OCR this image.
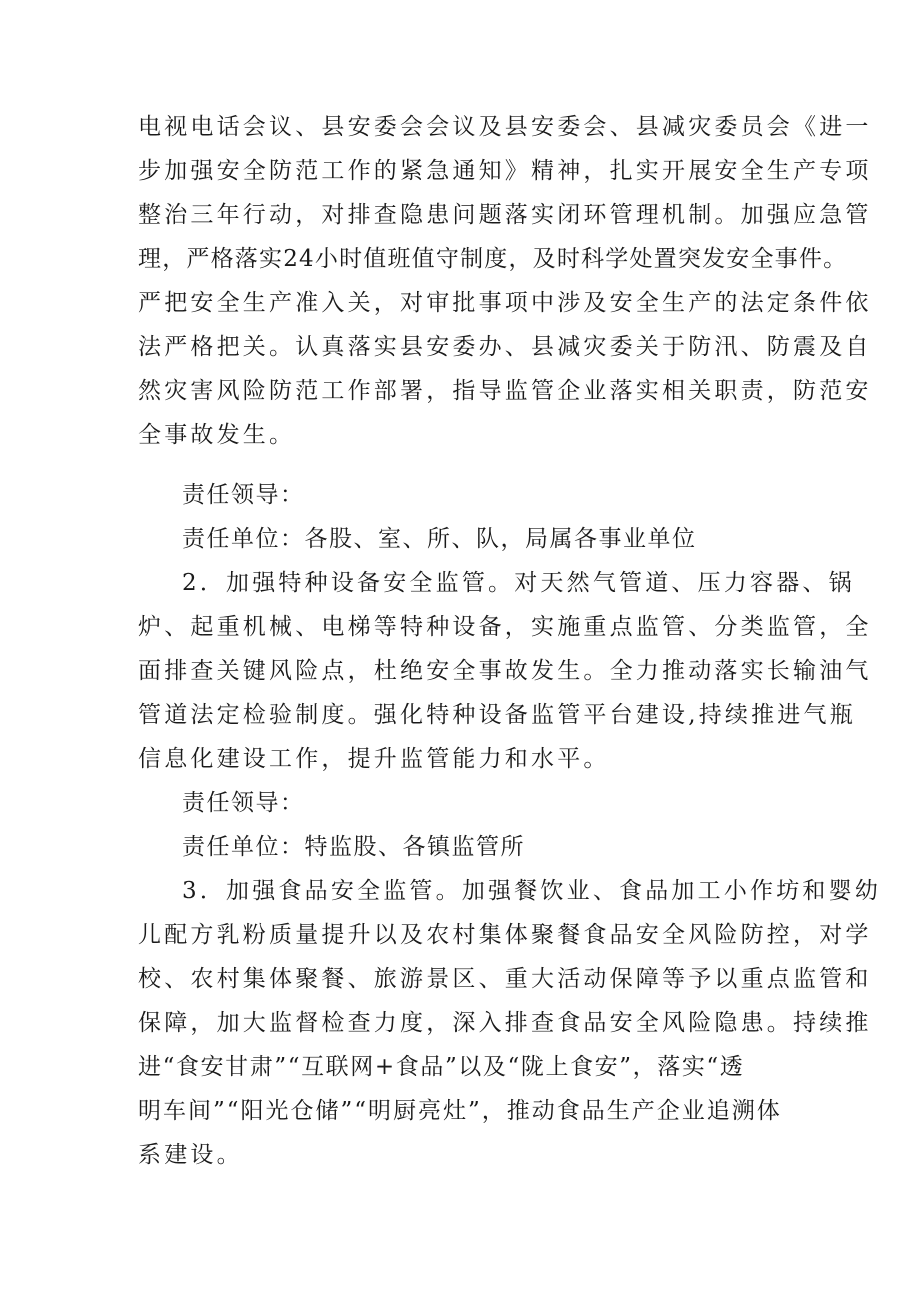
电视电话会议、县安委会会议及县安委会、县减灾委员会《进一
步加强安全防范工作的紧急通知》精神，扎实开展安全生产专项
整治三年行动，对排查隐患问题落实闭环管理机制。加强应急管
理，严格落实24小时值班值守制度，及时科学处置突发安全事件。
严把安全生产准入关，对审批事项中涉及安全生产的法定条件依
法严格把关。认真落实县安委办、县减灾委关于防汛、防震及自
然灾害风险防范工作部署，指导监管企业落实相关职责，防范安
全事故发生。
责任领导：
责任单位：各股、室、所、队，局属各事业单位
2．加强特种设备安全监管。对天然气管道、压力容器、锅
炉、起重机械、电梯等特种设备，实施重点监管、分类监管，全
面排查关键风险点，杜绝安全事故发生。全力推动落实长输油气
管道法定检验制度。强化特种设备监管平台建设,持续推进气瓶
信息化建设工作，提升监管能力和水平。
责任领导：
责任单位：特监股、各镇监管所
3．加强食品安全监管。加强餐饮业、食品加工小作坊和婴幼
儿配方乳粉质量提升以及农村集体聚餐食品安全风险防控，对学
校、农村集体聚餐、旅游景区、重大活动保障等予以重点监管和
保障，加大监督检查力度，深入排查食品安全风险隐患。持续推
进“食安甘肃”“互联网+食品”以及“陇上食安”，落实“透
明车间”“阳光仓储”“明厨亮灶”，推动食品生产企业追溯体
系建设。
